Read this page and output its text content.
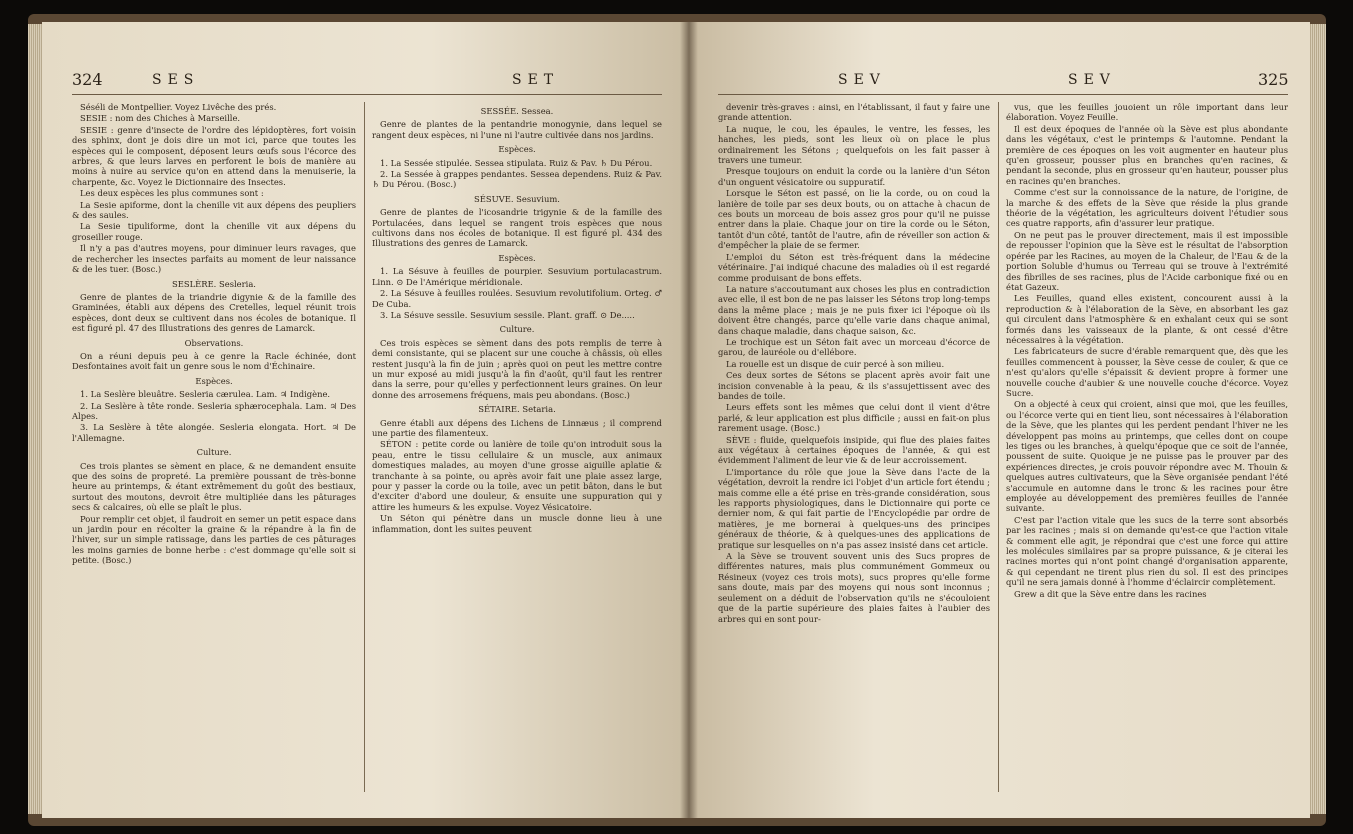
324	SES	SET

Séséli de Montpellier. Voyez Livêche des prés.

SESIE : nom des Chiches à Marseille.

SESIE : genre d'insecte de l'ordre des lépidoptères, fort voisin des sphinx, dont je dois dire un mot ici, parce que toutes les espèces qui le composent, déposent leurs œufs sous l'écorce des arbres, & que leurs larves en perforent le bois de manière au moins à nuire au service qu'on en attend dans la menuiserie, la charpente, &c. Voyez le Dictionnaire des Insectes.

Les deux espèces les plus communes sont :

La Sesie apiforme, dont la chenille vit aux dépens des peupliers & des saules.

La Sesie tipuliforme, dont la chenille vit aux dépens du groseiller rouge.

Il n'y a pas d'autres moyens, pour diminuer leurs ravages, que de rechercher les insectes parfaits au moment de leur naissance & de les tuer. (Bosc.)

SESLÈRE. Sesleria.

Genre de plantes de la triandrie digynie & de la famille des Graminées, établi aux dépens des Cretelles, lequel réunit trois espèces, dont deux se cultivent dans nos écoles de botanique. Il est figuré pl. 47 des Illustrations des genres de Lamarck.

Observations.

On a réuni depuis peu à ce genre la Racle échinée, dont Desfontaines avoit fait un genre sous le nom d'Échinaire.

Espèces.

1. La Seslère bleuâtre. Sesleria cærulea. Lam. ♃ Indigène.

2. La Seslère à tête ronde. Sesleria sphærocephala. Lam. ♃ Des Alpes.

3. La Seslère à tête alongée. Sesleria elongata. Hort. ♃ De l'Allemagne.

Culture.

Ces trois plantes se sèment en place, & ne demandent ensuite que des soins de propreté. La première poussant de très-bonne heure au printemps, & étant extrêmement du goût des bestiaux, surtout des moutons, devroit être multipliée dans les pâturages secs & calcaires, où elle se plaît le plus.

Pour remplir cet objet, il faudroit en semer un petit espace dans un jardin pour en récolter la graine & la répandre à la fin de l'hiver, sur un simple ratissage, dans les parties de ces pâturages les moins garnies de bonne herbe : c'est dommage qu'elle soit si petite. (Bosc.)

SESSÉE. Sessea.

Genre de plantes de la pentandrie monogynie, dans lequel se rangent deux espèces, ni l'une ni l'autre cultivée dans nos jardins.

Espèces.

1. La Sessée stipulée. Sessea stipulata. Ruiz & Pav. ♄ Du Pérou.

2. La Sessée à grappes pendantes. Sessea dependens. Ruiz & Pav. ♄ Du Pérou. (Bosc.)

SÉSUVE. Sesuvium.

Genre de plantes de l'icosandrie trigynie & de la famille des Portulacées, dans lequel se rangent trois espèces que nous cultivons dans nos écoles de botanique. Il est figuré pl. 434 des Illustrations des genres de Lamarck.

Espèces.

1. La Sésuve à feuilles de pourpier. Sesuvium portulacastrum. Linn. ⊙ De l'Amérique méridionale.

2. La Sésuve à feuilles roulées. Sesuvium revolutifolium. Orteg. ♂ De Cuba.

3. La Sésuve sessile. Sesuvium sessile. Plant. graff. ⊙ De.....

Culture.

Ces trois espèces se sèment dans des pots remplis de terre à demi consistante, qui se placent sur une couche à châssis, où elles restent jusqu'à la fin de juin ; après quoi on peut les mettre contre un mur exposé au midi jusqu'à la fin d'août, qu'il faut les rentrer dans la serre, pour qu'elles y perfectionnent leurs graines. On leur donne des arrosemens fréquens, mais peu abondans. (Bosc.)

SÉTAIRE. Setaria.

Genre établi aux dépens des Lichens de Linnæus ; il comprend une partie des filamenteux.

SÉTON : petite corde ou lanière de toile qu'on introduit sous la peau, entre le tissu cellulaire & un muscle, aux animaux domestiques malades, au moyen d'une grosse aiguille aplatie & tranchante à sa pointe, ou après avoir fait une plaie assez large, pour y passer la corde ou la toile, avec un petit bâton, dans le but d'exciter d'abord une douleur, & ensuite une suppuration qui y attire les humeurs & les expulse. Voyez Vésicatoire.

Un Séton qui pénètre dans un muscle donne lieu à une inflammation, dont les suites peuvent

SEV	SEV	325

devenir très-graves : ainsi, en l'établissant, il faut y faire une grande attention.

La nuque, le cou, les épaules, le ventre, les fesses, les hanches, les pieds, sont les lieux où on place le plus ordinairement les Sétons ; quelquefois on les fait passer à travers une tumeur.

Presque toujours on enduit la corde ou la lanière d'un Séton d'un onguent vésicatoire ou suppuratif.

Lorsque le Séton est passé, on lie la corde, ou on coud la lanière de toile par ses deux bouts, ou on attache à chacun de ces bouts un morceau de bois assez gros pour qu'il ne puisse entrer dans la plaie. Chaque jour on tire la corde ou le Séton, tantôt d'un côté, tantôt de l'autre, afin de réveiller son action & d'empêcher la plaie de se fermer.

L'emploi du Séton est très-fréquent dans la médecine vétérinaire. J'ai indiqué chacune des maladies où il est regardé comme produisant de bons effets.

La nature s'accoutumant aux choses les plus en contradiction avec elle, il est bon de ne pas laisser les Sétons trop long-temps dans la même place ; mais je ne puis fixer ici l'époque où ils doivent être changés, parce qu'elle varie dans chaque animal, dans chaque maladie, dans chaque saison, &c.

Le trochique est un Séton fait avec un morceau d'écorce de garou, de lauréole ou d'ellébore.

La rouelle est un disque de cuir percé à son milieu.

Ces deux sortes de Sétons se placent après avoir fait une incision convenable à la peau, & ils s'assujettissent avec des bandes de toile.

Leurs effets sont les mêmes que celui dont il vient d'être parlé, & leur application est plus difficile ; aussi en fait-on plus rarement usage. (Bosc.)

SÈVE : fluide, quelquefois insipide, qui flue des plaies faites aux végétaux à certaines époques de l'année, & qui est évidemment l'aliment de leur vie & de leur accroissement.

L'importance du rôle que joue la Sève dans l'acte de la végétation, devroit la rendre ici l'objet d'un article fort étendu ; mais comme elle a été prise en très-grande considération, sous les rapports physiologiques, dans le Dictionnaire qui porte ce dernier nom, & qui fait partie de l'Encyclopédie par ordre de matières, je me bornerai à quelques-uns des principes généraux de théorie, & à quelques-unes des applications de pratique sur lesquelles on n'a pas assez insisté dans cet article.

A la Sève se trouvent souvent unis des Sucs propres de différentes natures, mais plus communément Gommeux ou Résineux (voyez ces trois mots), sucs propres qu'elle forme sans doute, mais par des moyens qui nous sont inconnus ; seulement on a déduit de l'observation qu'ils ne s'écouloient que de la partie supérieure des plaies faites à l'aubier des arbres qui en sont pour-

vus, que les feuilles jouoient un rôle important dans leur élaboration. Voyez Feuille.

Il est deux époques de l'année où la Sève est plus abondante dans les végétaux, c'est le printemps & l'automne. Pendant la première de ces époques on les voit augmenter en hauteur plus qu'en grosseur, pousser plus en branches qu'en racines, & pendant la seconde, plus en grosseur qu'en hauteur, pousser plus en racines qu'en branches.

Comme c'est sur la connoissance de la nature, de l'origine, de la marche & des effets de la Sève que réside la plus grande théorie de la végétation, les agriculteurs doivent l'étudier sous ces quatre rapports, afin d'assurer leur pratique.

On ne peut pas le prouver directement, mais il est impossible de repousser l'opinion que la Sève est le résultat de l'absorption opérée par les Racines, au moyen de la Chaleur, de l'Eau & de la portion Soluble d'humus ou Terreau qui se trouve à l'extrémité des fibrilles de ses racines, plus de l'Acide carbonique fixé ou en état Gazeux.

Les Feuilles, quand elles existent, concourent aussi à la reproduction & à l'élaboration de la Sève, en absorbant les gaz qui circulent dans l'atmosphère & en exhalant ceux qui se sont formés dans les vaisseaux de la plante, & ont cessé d'être nécessaires à la végétation.

Les fabricateurs de sucre d'érable remarquent que, dès que les feuilles commencent à pousser, la Sève cesse de couler, & que ce n'est qu'alors qu'elle s'épaissit & devient propre à former une nouvelle couche d'aubier & une nouvelle couche d'écorce. Voyez Sucre.

On a objecté à ceux qui croient, ainsi que moi, que les feuilles, ou l'écorce verte qui en tient lieu, sont nécessaires à l'élaboration de la Sève, que les plantes qui les perdent pendant l'hiver ne les développent pas moins au printemps, que celles dont on coupe les tiges ou les branches, à quelqu'époque que ce soit de l'année, poussent de suite. Quoique je ne puisse pas le prouver par des expériences directes, je crois pouvoir répondre avec M. Thouin & quelques autres cultivateurs, que la Sève organisée pendant l'été s'accumule en automne dans le tronc & les racines pour être employée au développement des premières feuilles de l'année suivante.

C'est par l'action vitale que les sucs de la terre sont absorbés par les racines ; mais si on demande qu'est-ce que l'action vitale & comment elle agit, je répondrai que c'est une force qui attire les molécules similaires par sa propre puissance, & je citerai les racines mortes qui n'ont point changé d'organisation apparente, & qui cependant ne tirent plus rien du sol. Il est des principes qu'il ne sera jamais donné à l'homme d'éclaircir complètement.

Grew a dit que la Sève entre dans les racines
